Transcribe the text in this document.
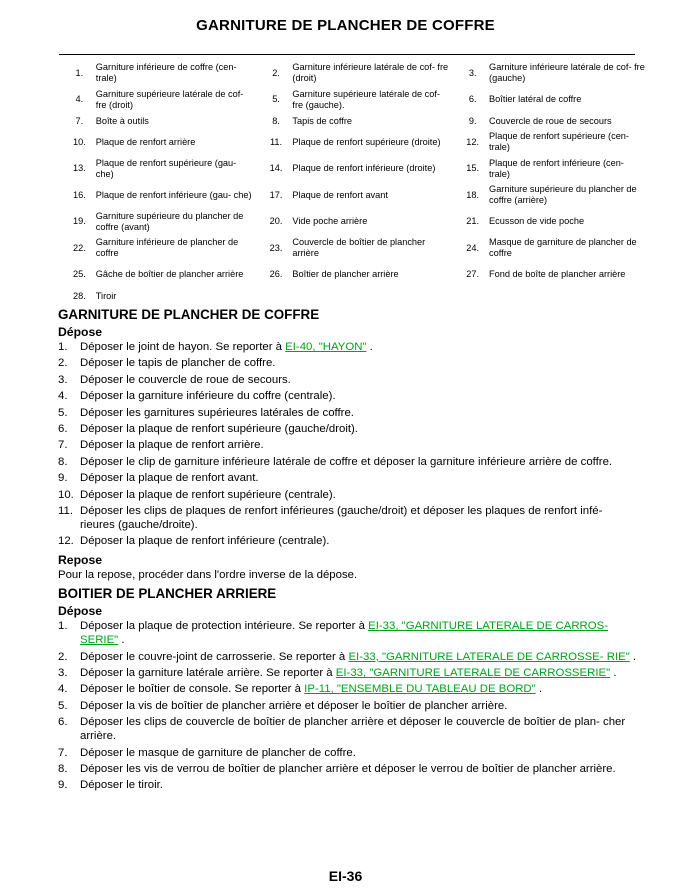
GARNITURE DE PLANCHER DE COFFRE
1.	Garniture inférieure de coffre (cen- trale)	2.	Garniture inférieure latérale de cof- fre (droit)	3.	Garniture inférieure latérale de cof- fre (gauche)
4.	Garniture supérieure latérale de cof- fre (droit)	5.	Garniture supérieure latérale de cof- fre (gauche).	6.	Boîtier latéral de coffre
7.	Boîte à outils	8.	Tapis de coffre	9.	Couvercle de roue de secours
10.	Plaque de renfort arrière	11.	Plaque de renfort supérieure (droite)	12.	Plaque de renfort supérieure (cen- trale)
13.	Plaque de renfort supérieure (gau- che)	14.	Plaque de renfort inférieure (droite)	15.	Plaque de renfort inférieure (cen- trale)
16.	Plaque de renfort inférieure (gau- che)	17.	Plaque de renfort avant	18.	Garniture supérieure du plancher de coffre (arrière)
19.	Garniture supérieure du plancher de coffre (avant)	20.	Vide poche arrière	21.	Ecusson de vide poche
22.	Garniture inférieure de plancher de coffre	23.	Couvercle de boîtier de plancher arrière	24.	Masque de garniture de plancher de coffre
25.	Gâche de boîtier de plancher arrière	26.	Boîtier de plancher arrière	27.	Fond de boîte de plancher arrière
28.	Tiroir				
GARNITURE DE PLANCHER DE COFFRE
Dépose
1.	Déposer le joint de hayon. Se reporter à EI-40, "HAYON" .
2.	Déposer le tapis de plancher de coffre.
3.	Déposer le couvercle de roue de secours.
4.	Déposer la garniture inférieure du coffre (centrale).
5.	Déposer les garnitures supérieures latérales de coffre.
6.	Déposer la plaque de renfort supérieure (gauche/droit).
7.	Déposer la plaque de renfort arrière.
8.	Déposer le clip de garniture inférieure latérale de coffre et déposer la garniture inférieure arrière de coffre.
9.	Déposer la plaque de renfort avant.
10. Déposer la plaque de renfort supérieure (centrale).
11. Déposer les clips de plaques de renfort inférieures (gauche/droit) et déposer les plaques de renfort infé- rieures (gauche/droite).
12. Déposer la plaque de renfort inférieure (centrale).
Repose

Pour la repose, procéder dans l'ordre inverse de la dépose.

BOITIER DE PLANCHER ARRIERE
Dépose
1.	Déposer la plaque de protection intérieure. Se reporter à EI-33, "GARNITURE LATERALE DE CARROS- SERIE" .
2.	Déposer le couvre-joint de carrosserie. Se reporter à EI-33, "GARNITURE LATERALE DE CARROSSE- RIE" .
3.	Déposer la garniture latérale arrière. Se reporter à EI-33, "GARNITURE LATERALE DE CARROSSERIE" .
4.	Déposer le boîtier de console. Se reporter à IP-11, "ENSEMBLE DU TABLEAU DE BORD" .
5.	Déposer la vis de boîtier de plancher arrière et déposer le boîtier de plancher arrière.
6.	Déposer les clips de couvercle de boîtier de plancher arrière et déposer le couvercle de boîtier de plan- cher arrière.
7.	Déposer le masque de garniture de plancher de coffre.
8.	Déposer les vis de verrou de boîtier de plancher arrière et déposer le verrou de boîtier de plancher arrière.
9.	Déposer le tiroir.
EI-36
